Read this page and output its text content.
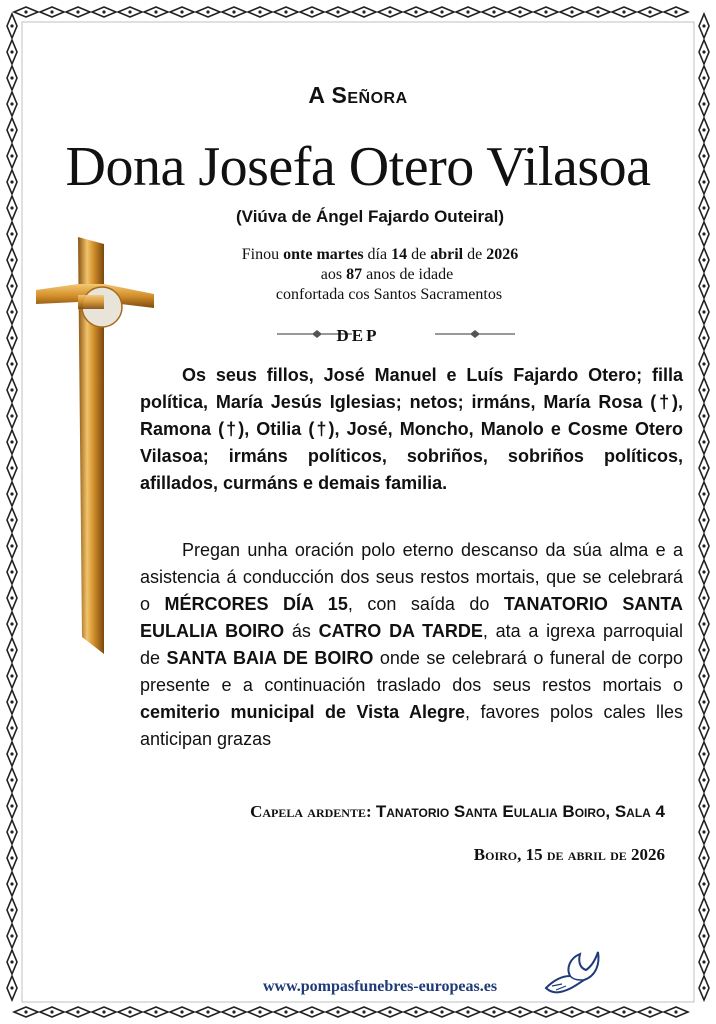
A Señora
Dona Josefa Otero Vilasoa
(Viúva de Ángel Fajardo Outeiral)
Finou onte martes día 14 de abril de 2026
aos 87 anos de idade
confortada cos Santos Sacramentos
DEP
Os seus fillos, José Manuel e Luís Fajardo Otero; filla política, María Jesús Iglesias; netos; irmáns, María Rosa (†), Ramona (†), Otilia (†), José, Moncho, Manolo e Cosme Otero Vilasoa; irmáns políticos, sobriños, sobriños políticos, afillados, curmáns e demais familia.
Pregan unha oración polo eterno descanso da súa alma e a asistencia á conducción dos seus restos mortais, que se celebrará o MÉRCORES DÍA 15, con saída do TANATORIO SANTA EULALIA BOIRO ás CATRO DA TARDE, ata a igrexa parroquial de SANTA BAIA DE BOIRO onde se celebrará o funeral de corpo presente e a continuación traslado dos seus restos mortais o cemiterio municipal de Vista Alegre, favores polos cales lles anticipan grazas
Capela ardente: Tanatorio Santa Eulalia Boiro, Sala 4
Boiro, 15 de abril de 2026
www.pompasfunebres-europeas.es
